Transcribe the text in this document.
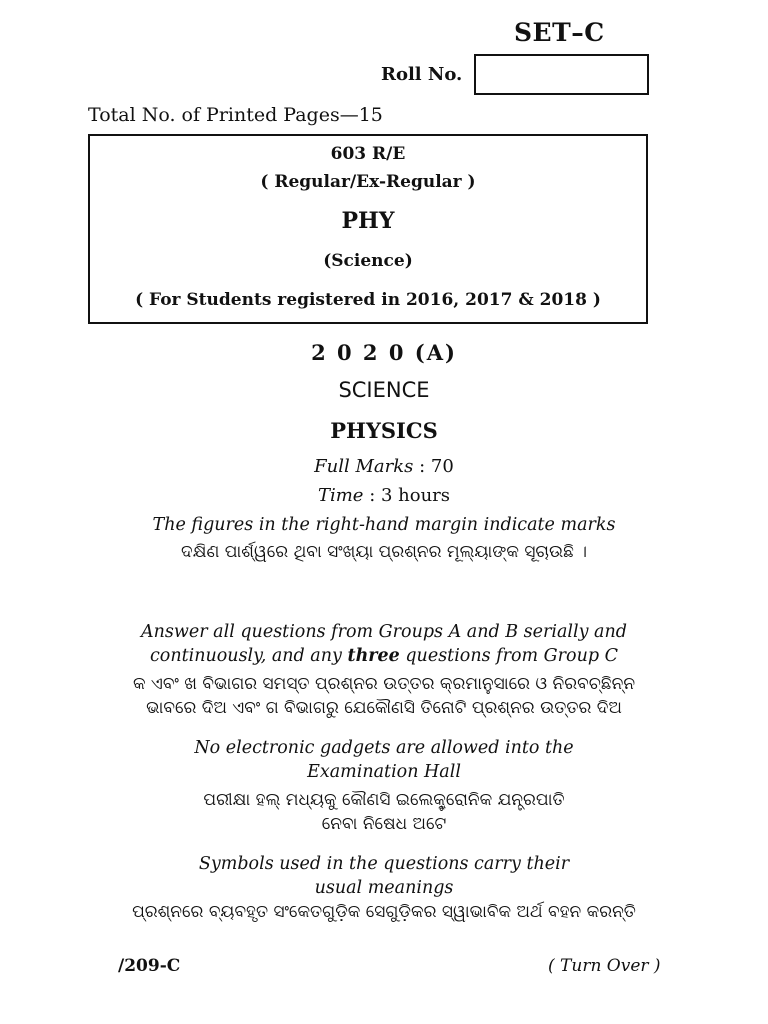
SET–C
Roll No.
Total No. of Printed Pages—15
603 R/E
( Regular/Ex-Regular )
PHY
(Science)
( For Students registered in 2016, 2017 & 2018 )
2 0 2 0 (A)
SCIENCE
PHYSICS
Full Marks : 70
Time : 3 hours
The figures in the right-hand margin indicate marks
ଦକ୍ଷିଣ ପାର୍ଶ୍ୱରେ ଥିବା ସଂଖ୍ୟା ପ୍ରଶ୍ନର ମୂଲ୍ୟାଙ୍କ ସୂଚାଉଛି ।
Answer all questions from Groups A and B serially and
continuously, and any three questions from Group C
କ ଏବଂ ଖ ବିଭାଗର ସମସ୍ତ ପ୍ରଶ୍ନର ଉତ୍ତର କ୍ରମାନୁସାରେ ଓ ନିରବଚ୍ଛିନ୍ନ
ଭାବରେ ଦିଅ ଏବଂ ଗ ବିଭାଗରୁ ଯେକୌଣସି ତିନୋଟି ପ୍ରଶ୍ନର ଉତ୍ତର ଦିଅ
No electronic gadgets are allowed into the
Examination Hall
ପରୀକ୍ଷା ହଲ୍ ମଧ୍ୟକୁ କୌଣସି ଇଲେକ୍ଟ୍ରୋନିକ ଯନ୍ତ୍ରପାତି
ନେବା ନିଷେଧ ଅଟେ
Symbols used in the questions carry their
usual meanings
ପ୍ରଶ୍ନରେ ବ୍ୟବହୃତ ସଂକେତଗୁଡ଼ିକ ସେଗୁଡ଼ିକର ସ୍ୱାଭାବିକ ଅର୍ଥ ବହନ କରନ୍ତି
/209-C	( Turn Over )
